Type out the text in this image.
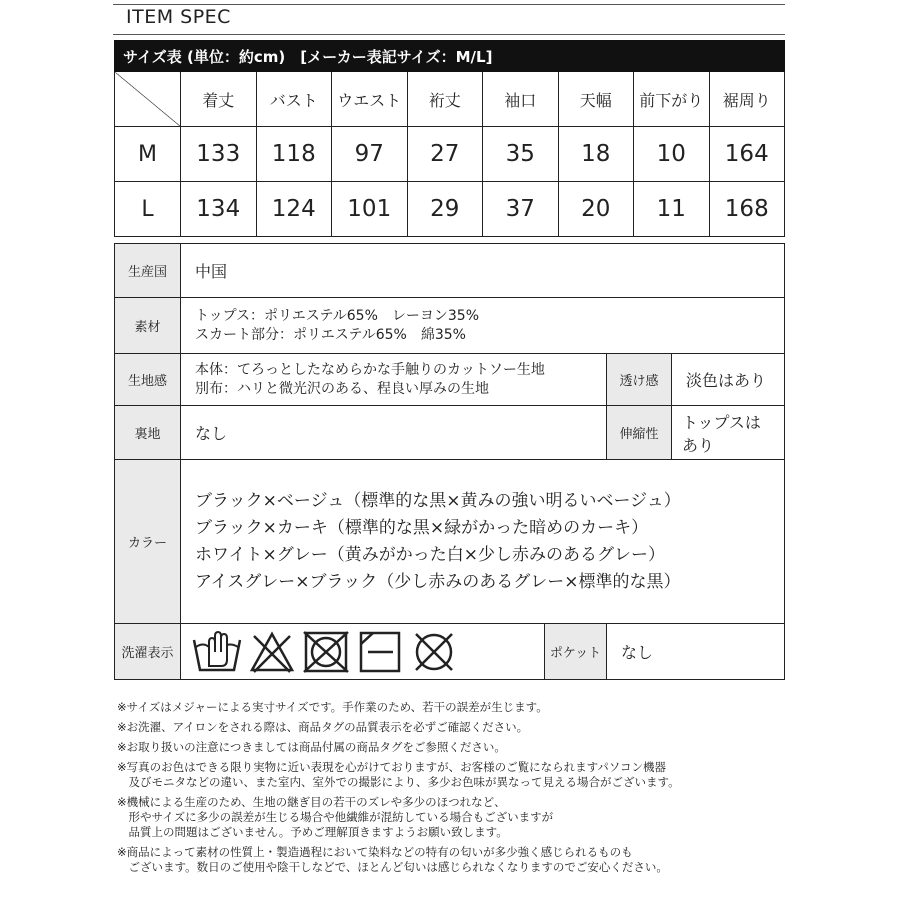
ITEM SPEC
サイズ表 (単位：約cm)　[メーカー表記サイズ：M/L]								
	着丈	バスト	ウエスト	裄丈	袖口	天幅	前下がり	裾周り
M	133	118	97	27	35	18	10	164
L	134	124	101	29	37	20	11	168
生産国	中国			
素材	トップス：ポリエステル65%　レーヨン35%
スカート部分：ポリエステル65%　綿35%			

生地感	本体：てろっとしたなめらかな手触りのカットソー生地
別布：ハリと微光沢のある、程良い厚みの生地		透け感	淡色はあり
裏地	なし		伸縮性	トップスはあり
カラー	ブラック×ベージュ（標準的な黒×黄みの強い明るいベージュ）
ブラック×カーキ（標準的な黒×緑がかった暗めのカーキ）
ホワイト×グレー（黄みがかった白×少し赤みのあるグレー）
アイスグレー×ブラック（少し赤みのあるグレー×標準的な黒）			

洗濯表示		ポケット	なし	

※サイズはメジャーによる実寸サイズです。手作業のため、若干の誤差が生じます。

※お洗濯、アイロンをされる際は、商品タグの品質表示を必ずご確認ください。

※お取り扱いの注意につきましては商品付属の商品タグをご参照ください。

※写真のお色はできる限り実物に近い表現を心がけておりますが、お客様のご覧になられますパソコン機器
　及びモニタなどの違い、また室内、室外での撮影により、多少お色味が異なって見える場合がございます。

※機械による生産のため、生地の継ぎ目の若干のズレや多少のほつれなど、
　形やサイズに多少の誤差が生じる場合や他繊維が混紡している場合もございますが
　品質上の問題はございません。予めご理解頂きますようお願い致します。

※商品によって素材の性質上・製造過程において染料などの特有の匂いが多少強く感じられるものも
　ございます。数日のご使用や陰干しなどで、ほとんど匂いは感じられなくなりますのでご安心ください。
